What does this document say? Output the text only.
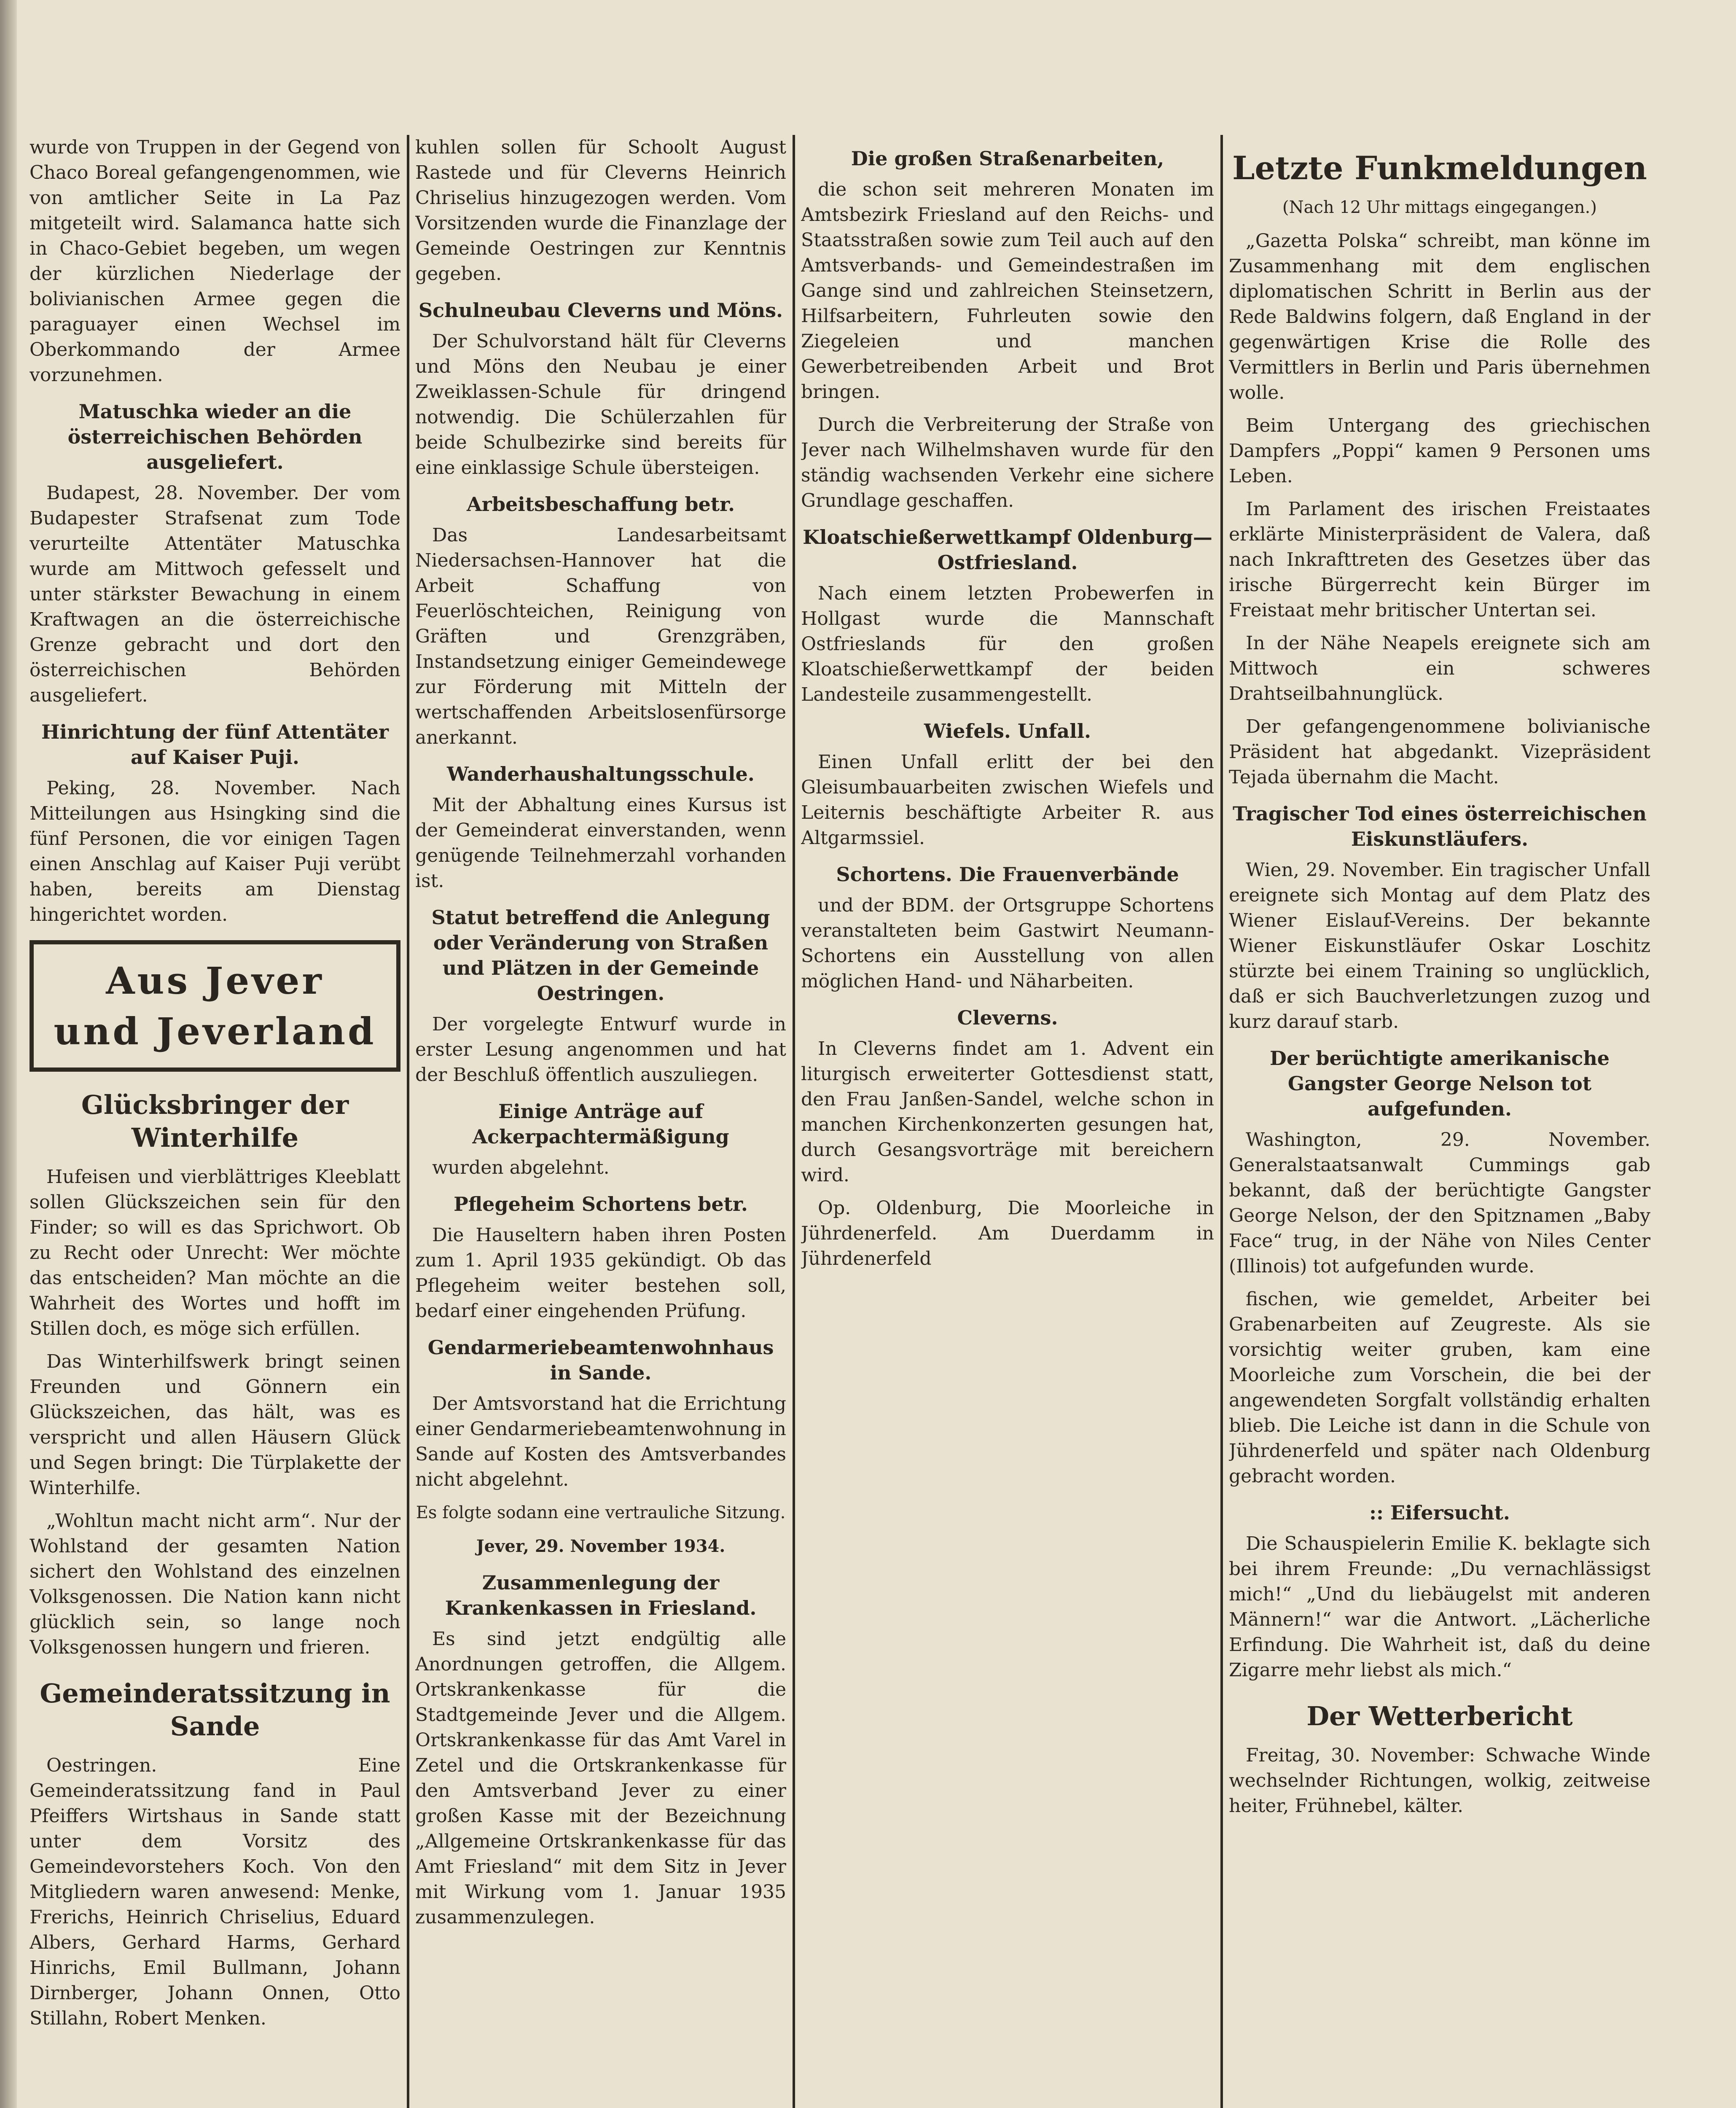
wurde von Truppen in der Gegend von Chaco Boreal gefangengenommen, wie von amtlicher Seite in La Paz mitgeteilt wird. Salamanca hatte sich in Chaco-Gebiet begeben, um wegen der kürzlichen Niederlage der bolivianischen Armee gegen die paraguayer einen Wechsel im Oberkommando der Armee vorzunehmen.

Matuschka wieder an die österreichischen Behörden ausgeliefert.

Budapest, 28. November. Der vom Budapester Strafsenat zum Tode verurteilte Attentäter Matuschka wurde am Mittwoch gefesselt und unter stärkster Bewachung in einem Kraftwagen an die österreichische Grenze gebracht und dort den österreichischen Behörden ausgeliefert.

Hinrichtung der fünf Attentäter auf Kaiser Puji.

Peking, 28. November. Nach Mitteilungen aus Hsingking sind die fünf Personen, die vor einigen Tagen einen Anschlag auf Kaiser Puji verübt haben, bereits am Dienstag hingerichtet worden.

Aus Jever
und Jeverland

Glücksbringer der Winterhilfe

Hufeisen und vierblättriges Kleeblatt sollen Glückszeichen sein für den Finder; so will es das Sprichwort. Ob zu Recht oder Unrecht: Wer möchte das entscheiden? Man möchte an die Wahrheit des Wortes und hofft im Stillen doch, es möge sich erfüllen.

Das Winterhilfswerk bringt seinen Freunden und Gönnern ein Glückszeichen, das hält, was es verspricht und allen Häusern Glück und Segen bringt: Die Türplakette der Winterhilfe.

„Wohltun macht nicht arm“. Nur der Wohlstand der gesamten Nation sichert den Wohlstand des einzelnen Volksgenossen. Die Nation kann nicht glücklich sein, so lange noch Volksgenossen hungern und frieren.

Gemeinderatssitzung in Sande

Oestringen. Eine Gemeinderatssitzung fand in Paul Pfeiffers Wirtshaus in Sande statt unter dem Vorsitz des Gemeindevorstehers Koch. Von den Mitgliedern waren anwesend: Menke, Frerichs, Heinrich Chriselius, Eduard Albers, Gerhard Harms, Gerhard Hinrichs, Emil Bullmann, Johann Dirnberger, Johann Onnen, Otto Stillahn, Robert Menken.

kuhlen sollen für Schoolt August Rastede und für Cleverns Heinrich Chriselius hinzugezogen werden. Vom Vorsitzenden wurde die Finanzlage der Gemeinde Oestringen zur Kenntnis gegeben.

Schulneubau Cleverns und Möns.

Der Schulvorstand hält für Cleverns und Möns den Neubau je einer Zweiklassen-Schule für dringend notwendig. Die Schülerzahlen für beide Schulbezirke sind bereits für eine einklassige Schule übersteigen.

Arbeitsbeschaffung betr.

Das Landesarbeitsamt Niedersachsen-Hannover hat die Arbeit Schaffung von Feuerlöschteichen, Reinigung von Gräften und Grenzgräben, Instandsetzung einiger Gemeindewege zur Förderung mit Mitteln der wertschaffenden Arbeitslosenfürsorge anerkannt.

Wanderhaushaltungsschule.

Mit der Abhaltung eines Kursus ist der Gemeinderat einverstanden, wenn genügende Teilnehmerzahl vorhanden ist.

Statut betreffend die Anlegung oder Veränderung von Straßen und Plätzen in der Gemeinde Oestringen.

Der vorgelegte Entwurf wurde in erster Lesung angenommen und hat der Beschluß öffentlich auszuliegen.

Einige Anträge auf Ackerpachtermäßigung

wurden abgelehnt.

Pflegeheim Schortens betr.

Die Hauseltern haben ihren Posten zum 1. April 1935 gekündigt. Ob das Pflegeheim weiter bestehen soll, bedarf einer eingehenden Prüfung.

Gendarmeriebeamtenwohnhaus in Sande.

Der Amtsvorstand hat die Errichtung einer Gendarmeriebeamtenwohnung in Sande auf Kosten des Amtsverbandes nicht abgelehnt.

Es folgte sodann eine vertrauliche Sitzung.

Jever, 29. November 1934.

Zusammenlegung der Krankenkassen in Friesland.

Es sind jetzt endgültig alle Anordnungen getroffen, die Allgem. Ortskrankenkasse für die Stadtgemeinde Jever und die Allgem. Ortskrankenkasse für das Amt Varel in Zetel und die Ortskrankenkasse für den Amtsverband Jever zu einer großen Kasse mit der Bezeichnung „Allgemeine Ortskrankenkasse für das Amt Friesland“ mit dem Sitz in Jever mit Wirkung vom 1. Januar 1935 zusammenzulegen.

Die großen Straßenarbeiten,

die schon seit mehreren Monaten im Amtsbezirk Friesland auf den Reichs- und Staatsstraßen sowie zum Teil auch auf den Amtsverbands- und Gemeindestraßen im Gange sind und zahlreichen Steinsetzern, Hilfsarbeitern, Fuhrleuten sowie den Ziegeleien und manchen Gewerbetreibenden Arbeit und Brot bringen.

Durch die Verbreiterung der Straße von Jever nach Wilhelmshaven wurde für den ständig wachsenden Verkehr eine sichere Grundlage geschaffen.

Kloatschießerwettkampf Oldenburg—Ostfriesland.

Nach einem letzten Probewerfen in Hollgast wurde die Mannschaft Ostfrieslands für den großen Kloatschießerwettkampf der beiden Landesteile zusammengestellt.

Wiefels. Unfall.

Einen Unfall erlitt der bei den Gleisumbauarbeiten zwischen Wiefels und Leiternis beschäftigte Arbeiter R. aus Altgarmssiel.

Schortens. Die Frauenverbände

und der BDM. der Ortsgruppe Schortens veranstalteten beim Gastwirt Neumann-Schortens ein Ausstellung von allen möglichen Hand- und Näharbeiten.

Cleverns.

In Cleverns findet am 1. Advent ein liturgisch erweiterter Gottesdienst statt, den Frau Janßen-Sandel, welche schon in manchen Kirchenkonzerten gesungen hat, durch Gesangsvorträge mit bereichern wird.

Op. Oldenburg, Die Moorleiche in Jührdenerfeld. Am Duerdamm in Jührdenerfeld

Letzte Funkmeldungen

(Nach 12 Uhr mittags eingegangen.)

„Gazetta Polska“ schreibt, man könne im Zusammenhang mit dem englischen diplomatischen Schritt in Berlin aus der Rede Baldwins folgern, daß England in der gegenwärtigen Krise die Rolle des Vermittlers in Berlin und Paris übernehmen wolle.

Beim Untergang des griechischen Dampfers „Poppi“ kamen 9 Personen ums Leben.

Im Parlament des irischen Freistaates erklärte Ministerpräsident de Valera, daß nach Inkrafttreten des Gesetzes über das irische Bürgerrecht kein Bürger im Freistaat mehr britischer Untertan sei.

In der Nähe Neapels ereignete sich am Mittwoch ein schweres Drahtseilbahnunglück.

Der gefangengenommene bolivianische Präsident hat abgedankt. Vizepräsident Tejada übernahm die Macht.

Tragischer Tod eines österreichischen Eiskunstläufers.

Wien, 29. November. Ein tragischer Unfall ereignete sich Montag auf dem Platz des Wiener Eislauf-Vereins. Der bekannte Wiener Eiskunstläufer Oskar Loschitz stürzte bei einem Training so unglücklich, daß er sich Bauchverletzungen zuzog und kurz darauf starb.

Der berüchtigte amerikanische Gangster George Nelson tot aufgefunden.

Washington, 29. November. Generalstaatsanwalt Cummings gab bekannt, daß der berüchtigte Gangster George Nelson, der den Spitznamen „Baby Face“ trug, in der Nähe von Niles Center (Illinois) tot aufgefunden wurde.

fischen, wie gemeldet, Arbeiter bei Grabenarbeiten auf Zeugreste. Als sie vorsichtig weiter gruben, kam eine Moorleiche zum Vorschein, die bei der angewendeten Sorgfalt vollständig erhalten blieb. Die Leiche ist dann in die Schule von Jührdenerfeld und später nach Oldenburg gebracht worden.

:: Eifersucht.

Die Schauspielerin Emilie K. beklagte sich bei ihrem Freunde: „Du vernachlässigst mich!“ „Und du liebäugelst mit anderen Männern!“ war die Antwort. „Lächerliche Erfindung. Die Wahrheit ist, daß du deine Zigarre mehr liebst als mich.“

Der Wetterbericht

Freitag, 30. November: Schwache Winde wechselnder Richtungen, wolkig, zeitweise heiter, Frühnebel, kälter.
